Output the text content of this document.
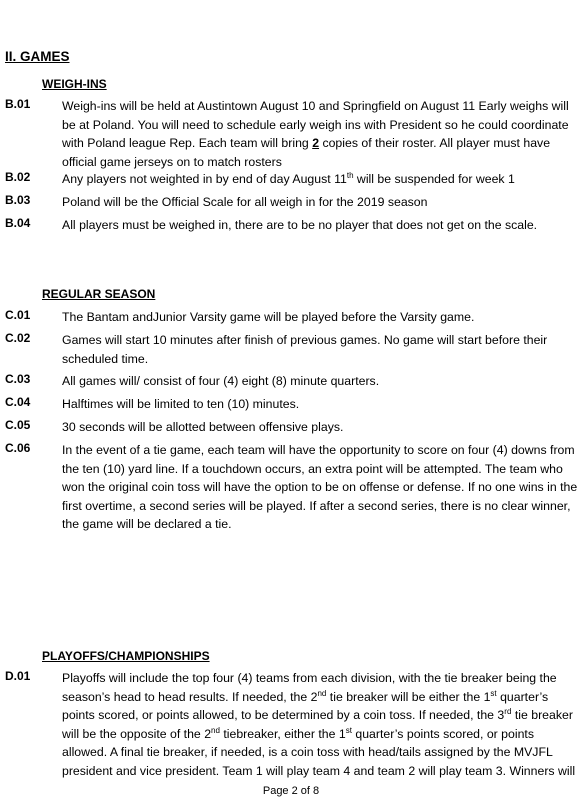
II. GAMES
WEIGH-INS
B.01	Weigh-ins will be held at Austintown August 10 and Springfield on August 11 Early weighs will be at Poland. You will need to schedule early weigh ins with President so he could coordinate with Poland league Rep. Each team will bring 2 copies of their roster. All player must have official game jerseys on to match rosters
B.02	Any players not weighted in by end of day August 11th will be suspended for week 1
B.03	Poland will be the Official Scale for all weigh in for the 2019 season
B.04	All players must be weighed in, there are to be no player that does not get on the scale.
REGULAR SEASON
C.01	The Bantam andJunior Varsity game will be played before the Varsity game.
C.02	Games will start 10 minutes after finish of previous games. No game will start before their scheduled time.
C.03	All games will/ consist of four (4) eight (8) minute quarters.
C.04	Halftimes will be limited to ten (10) minutes.
C.05	30 seconds will be allotted between offensive plays.
C.06	In the event of a tie game, each team will have the opportunity to score on four (4) downs from the ten (10) yard line. If a touchdown occurs, an extra point will be attempted. The team who won the original coin toss will have the option to be on offense or defense. If no one wins in the first overtime, a second series will be played. If after a second series, there is no clear winner, the game will be declared a tie.
PLAYOFFS/CHAMPIONSHIPS
D.01	Playoffs will include the top four (4) teams from each division, with the tie breaker being the season’s head to head results. If needed, the 2nd tie breaker will be either the 1st quarter’s points scored, or points allowed, to be determined by a coin toss. If needed, the 3rd tie breaker will be the opposite of the 2nd tiebreaker, either the 1st quarter’s points scored, or points allowed. A final tie breaker, if needed, is a coin toss with head/tails assigned by the MVJFL president and vice president. Team 1 will play team 4 and team 2 will play team 3. Winners will
Page 2 of 8
